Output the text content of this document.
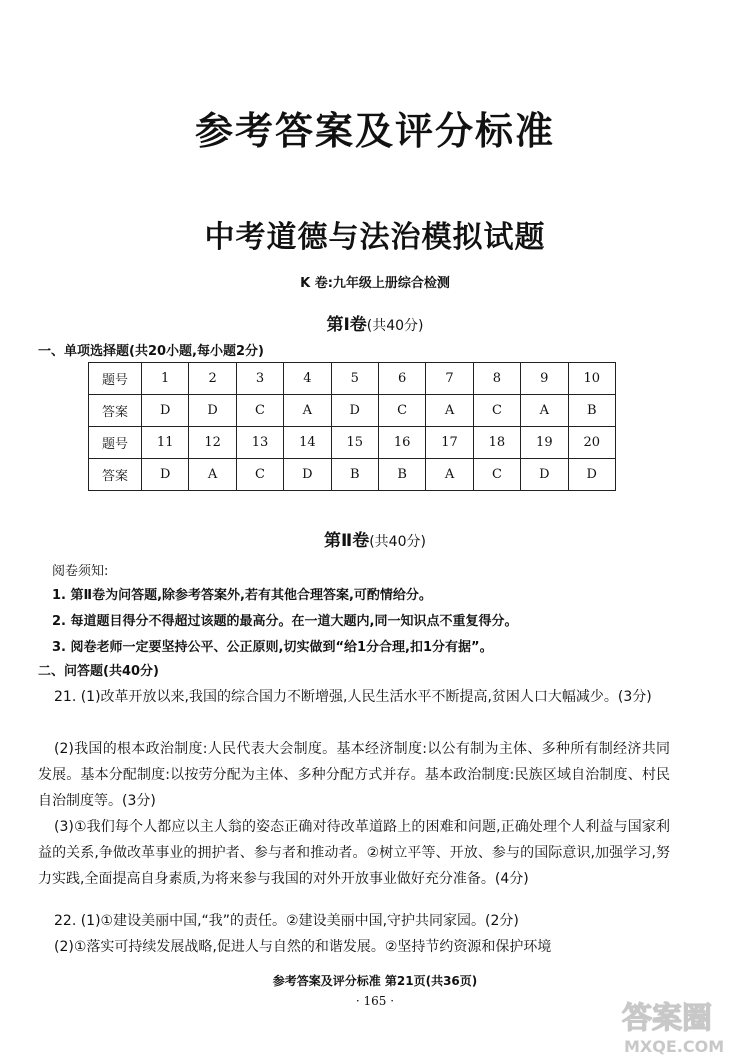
参考答案及评分标准
中考道德与法治模拟试题
K 卷:九年级上册综合检测
第Ⅰ卷(共40分)
一、单项选择题(共20小题,每小题2分)
题号	1	2	3	4	5	6	7	8	9	10
答案	D	D	C	A	D	C	A	C	A	B
题号	11	12	13	14	15	16	17	18	19	20
答案	D	A	C	D	B	B	A	C	D	D
第Ⅱ卷(共40分)
阅卷须知:
1. 第Ⅱ卷为问答题,除参考答案外,若有其他合理答案,可酌情给分。
2. 每道题目得分不得超过该题的最高分。在一道大题内,同一知识点不重复得分。
3. 阅卷老师一定要坚持公平、公正原则,切实做到“给1分合理,扣1分有据”。
二、问答题(共40分)
21. (1)改革开放以来,我国的综合国力不断增强,人民生活水平不断提高,贫困人口大幅减少。(3分)
(2)我国的根本政治制度:人民代表大会制度。基本经济制度:以公有制为主体、多种所有制经济共同发展。基本分配制度:以按劳分配为主体、多种分配方式并存。基本政治制度:民族区域自治制度、村民自治制度等。(3分)
(3)①我们每个人都应以主人翁的姿态正确对待改革道路上的困难和问题,正确处理个人利益与国家利益的关系,争做改革事业的拥护者、参与者和推动者。②树立平等、开放、参与的国际意识,加强学习,努力实践,全面提高自身素质,为将来参与我国的对外开放事业做好充分准备。(4分)
22. (1)①建设美丽中国,“我”的责任。②建设美丽中国,守护共同家园。(2分)
(2)①落实可持续发展战略,促进人与自然的和谐发展。②坚持节约资源和保护环境
参考答案及评分标准 第21页(共36页)
· 165 ·	答案圈
MXQE.COM
